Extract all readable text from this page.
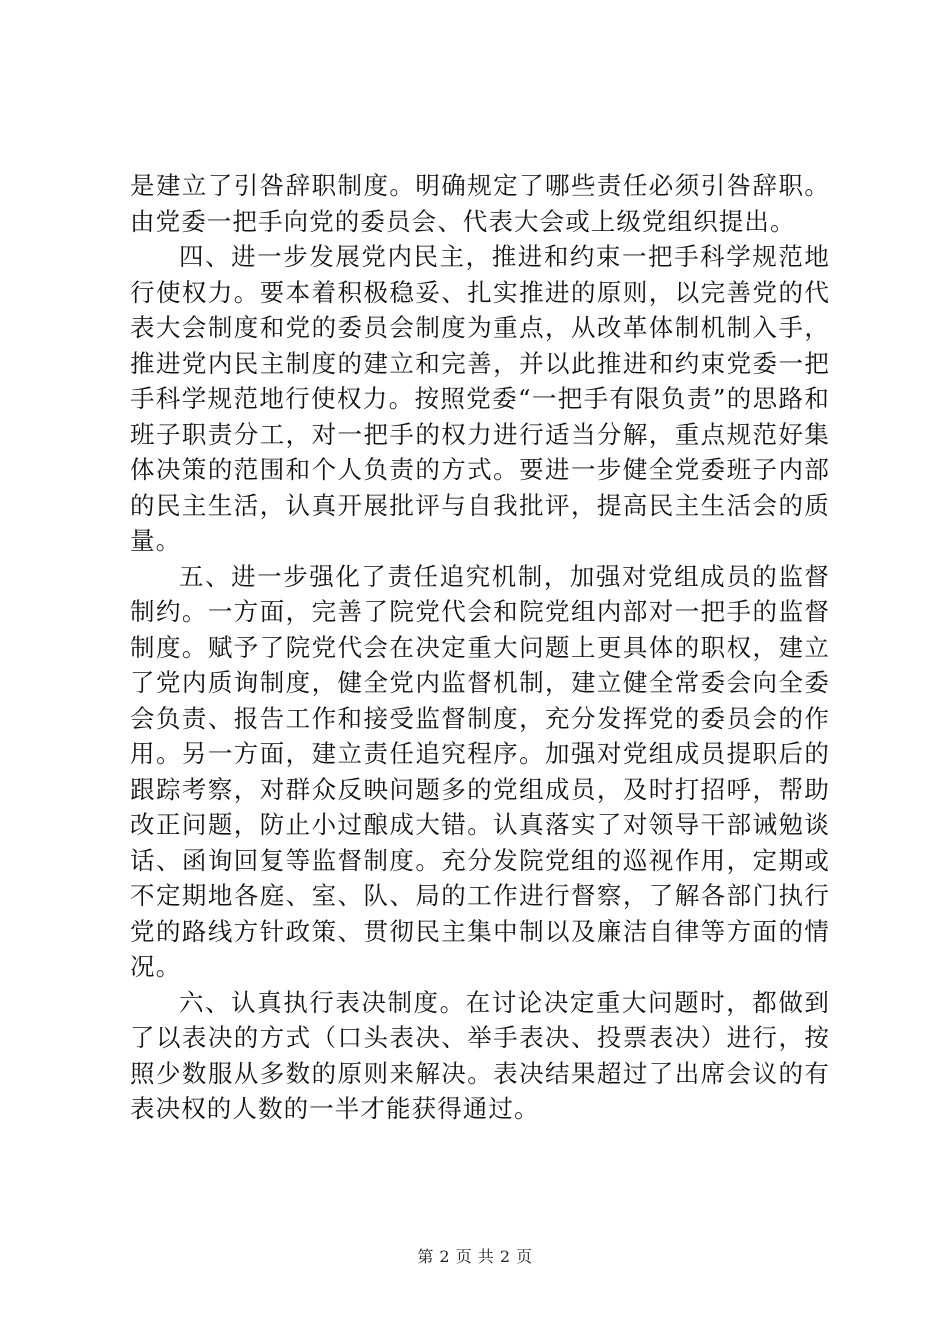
是建立了引咎辞职制度。明确规定了哪些责任必须引咎辞职。由党委一把手向党的委员会、代表大会或上级党组织提出。

四、进一步发展党内民主，推进和约束一把手科学规范地行使权力。要本着积极稳妥、扎实推进的原则，以完善党的代表大会制度和党的委员会制度为重点，从改革体制机制入手，推进党内民主制度的建立和完善，并以此推进和约束党委一把手科学规范地行使权力。按照党委“一把手有限负责”的思路和班子职责分工，对一把手的权力进行适当分解，重点规范好集体决策的范围和个人负责的方式。要进一步健全党委班子内部的民主生活，认真开展批评与自我批评，提高民主生活会的质量。

五、进一步强化了责任追究机制，加强对党组成员的监督制约。一方面，完善了院党代会和院党组内部对一把手的监督制度。赋予了院党代会在决定重大问题上更具体的职权，建立了党内质询制度，健全党内监督机制，建立健全常委会向全委会负责、报告工作和接受监督制度，充分发挥党的委员会的作用。另一方面，建立责任追究程序。加强对党组成员提职后的跟踪考察，对群众反映问题多的党组成员，及时打招呼，帮助改正问题，防止小过酿成大错。认真落实了对领导干部诫勉谈话、函询回复等监督制度。充分发院党组的巡视作用，定期或不定期地各庭、室、队、局的工作进行督察，了解各部门执行党的路线方针政策、贯彻民主集中制以及廉洁自律等方面的情况。

六、认真执行表决制度。在讨论决定重大问题时，都做到了以表决的方式（口头表决、举手表决、投票表决）进行，按照少数服从多数的原则来解决。表决结果超过了出席会议的有表决权的人数的一半才能获得通过。

第 2 页 共 2 页
